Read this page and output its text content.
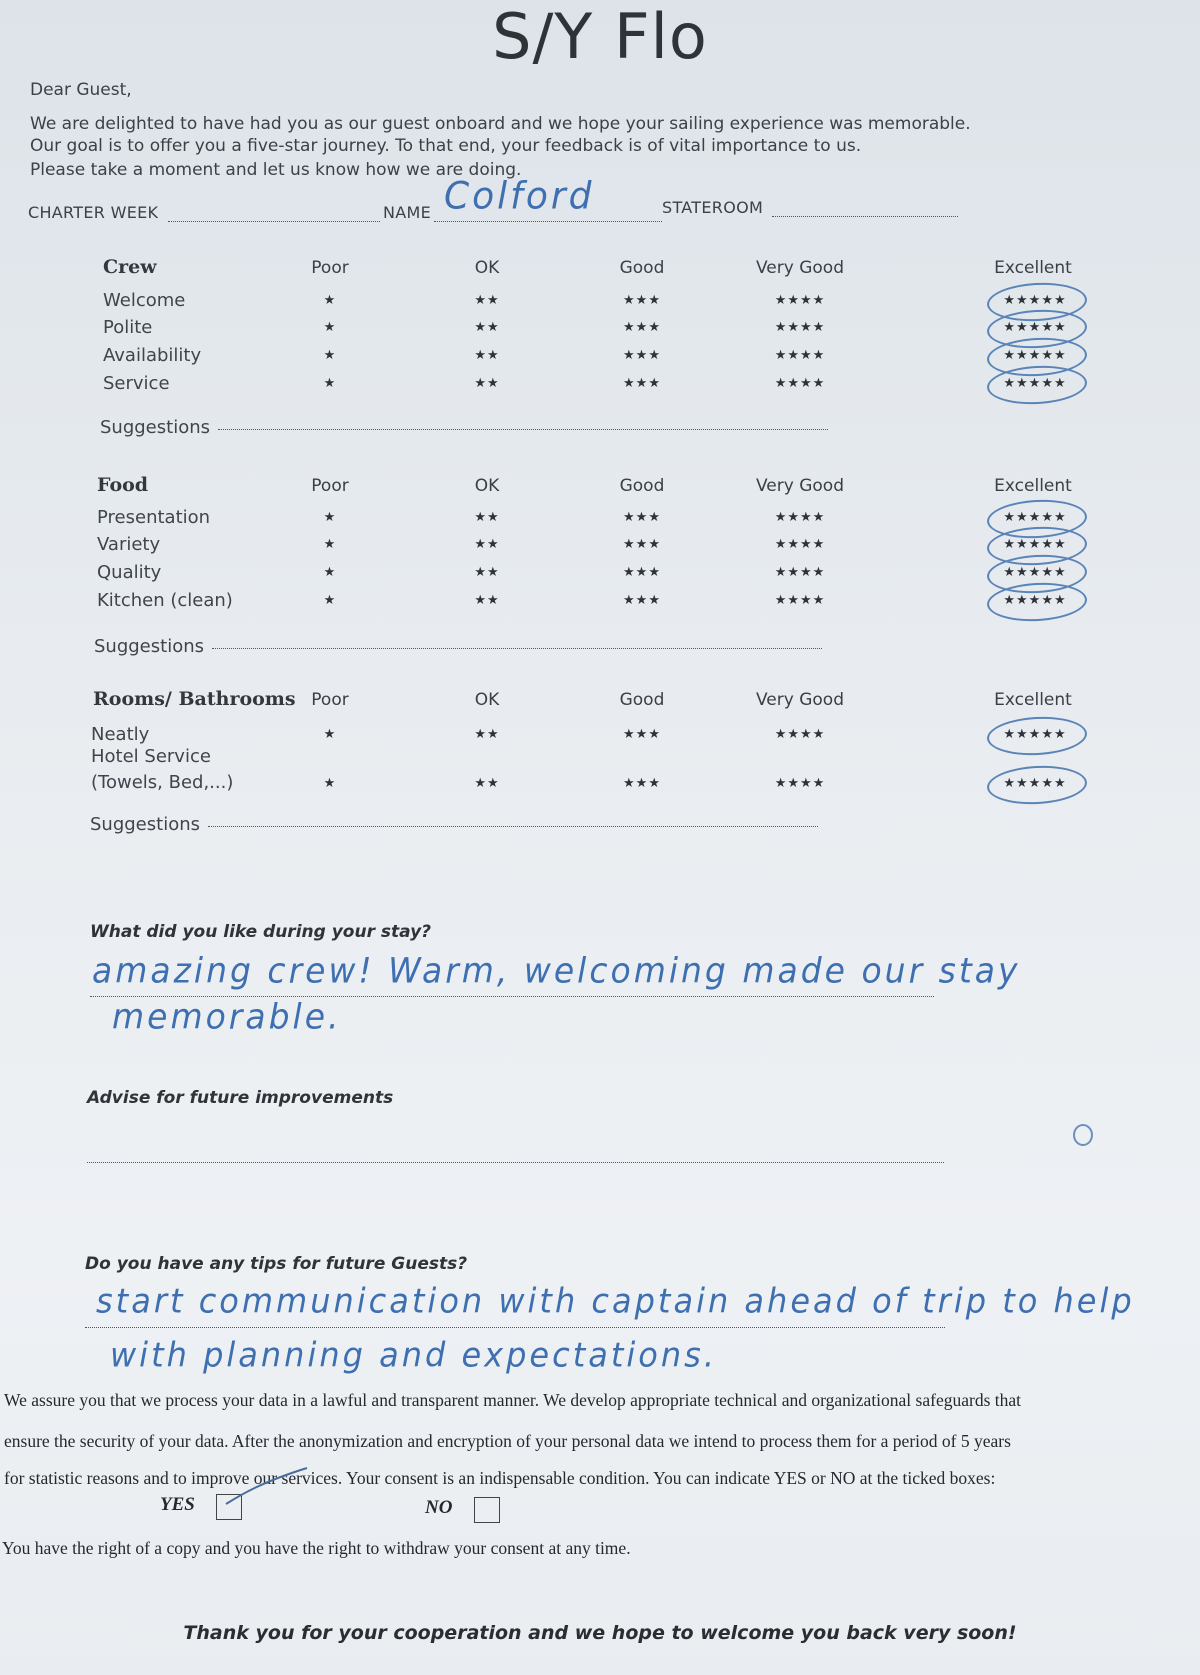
S/Y Flo
Dear Guest,
We are delighted to have had you as our guest onboard and we hope your sailing experience was memorable.
Our goal is to offer you a five-star journey. To that end, your feedback is of vital importance to us.
Please take a moment and let us know how we are doing.
CHARTER WEEK	NAME Colford	STATEROOM
Crew	Poor	OK	Good	Very Good	Excellent
Welcome	★	★★	★★★	★★★★	★★★★★
Polite	★	★★	★★★	★★★★	★★★★★
Availability	★	★★	★★★	★★★★	★★★★★
Service	★	★★	★★★	★★★★	★★★★★
Suggestions
Food	Poor	OK	Good	Very Good	Excellent
Presentation	★	★★	★★★	★★★★	★★★★★
Variety	★	★★	★★★	★★★★	★★★★★
Quality	★	★★	★★★	★★★★	★★★★★
Kitchen (clean)	★	★★	★★★	★★★★	★★★★★
Suggestions
Rooms/ Bathrooms Poor	OK	Good	Very Good	Excellent
Neatly	★	★★	★★★	★★★★	★★★★★
Hotel Service
(Towels, Bed,...)	★	★★	★★★	★★★★	★★★★★
Suggestions
What did you like during your stay?
amazing crew! Warm, welcoming made our stay
memorable.
Advise for future improvements
Do you have any tips for future Guests?
start communication with captain ahead of trip to help
with planning and expectations.
We assure you that we process your data in a lawful and transparent manner. We develop appropriate technical and organizational safeguards that
ensure the security of your data. After the anonymization and encryption of your personal data we intend to process them for a period of 5 years
for statistic reasons and to improve our services. Your consent is an indispensable condition. You can indicate YES or NO at the ticked boxes:
YES	NO
You have the right of a copy and you have the right to withdraw your consent at any time.
Thank you for your cooperation and we hope to welcome you back very soon!
